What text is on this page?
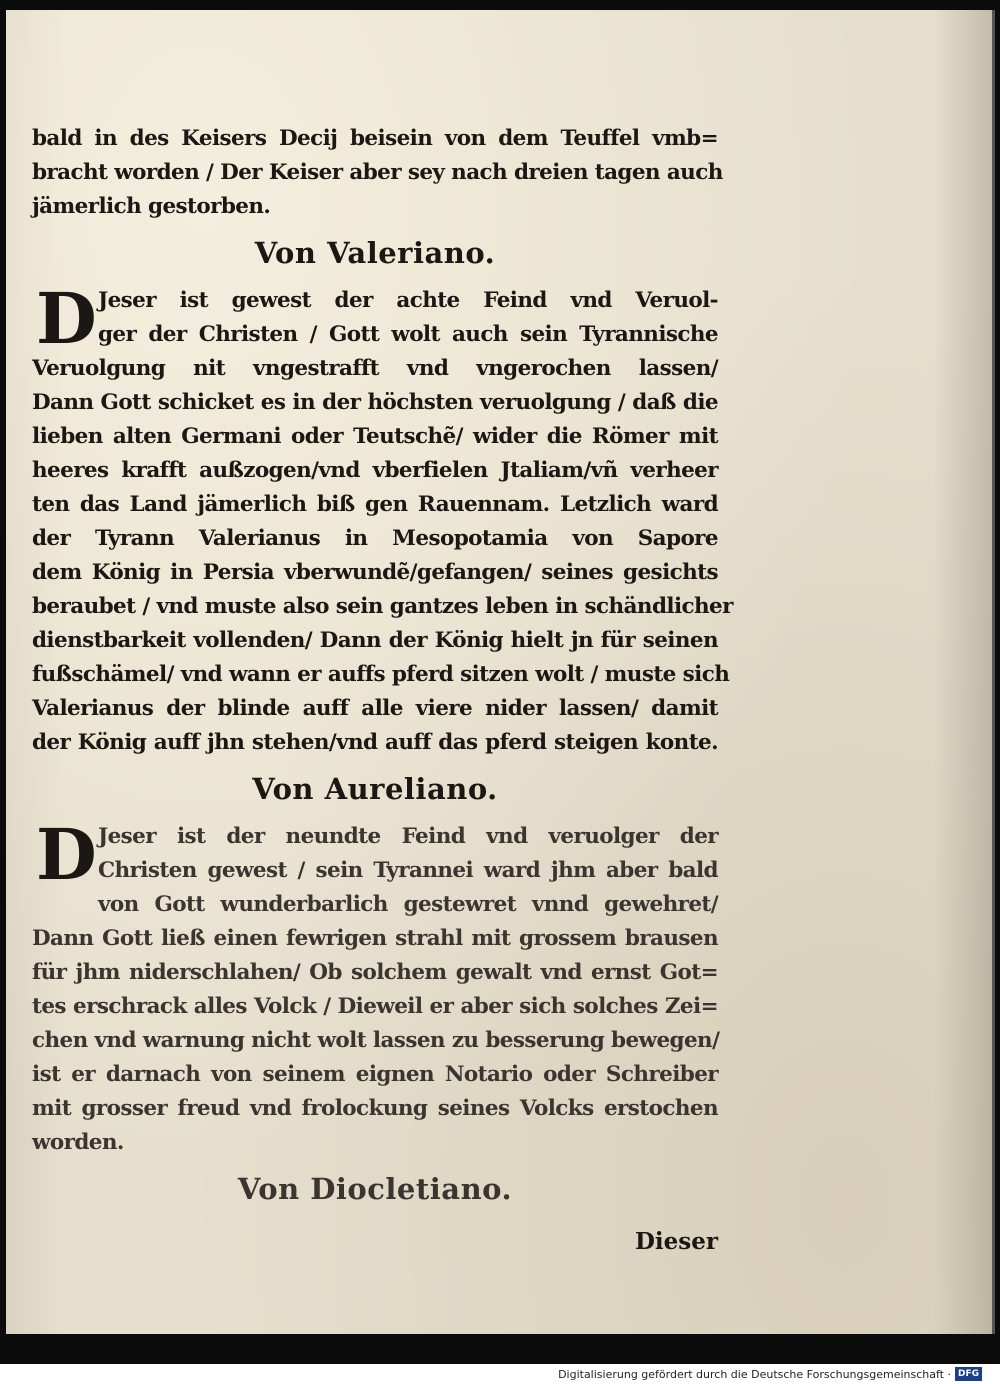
bald in des Keisers Decij beisein von dem Teuffel vmb=
bracht worden / Der Keiser aber sey nach dreien tagen auch
jämerlich gestorben.
Von Valeriano.
D Jeser ist gewest der achte Feind vnd Veruol-
ger der Christen / Gott wolt auch sein Tyrannische
Veruolgung nit vngestrafft vnd vngerochen lassen/
Dann Gott schicket es in der höchsten veruolgung / daß die
lieben alten Germani oder Teutschẽ/ wider die Römer mit
heeres krafft außzogen/vnd vberfielen Jtaliam/vñ verheer
ten das Land jämerlich biß gen Rauennam. Letzlich ward
der Tyrann Valerianus in Mesopotamia von Sapore
dem König in Persia vberwundẽ/gefangen/ seines gesichts
beraubet / vnd muste also sein gantzes leben in schändlicher
dienstbarkeit vollenden/ Dann der König hielt jn für seinen
fußschämel/ vnd wann er auffs pferd sitzen wolt / muste sich
Valerianus der blinde auff alle viere nider lassen/ damit
der König auff jhn stehen/vnd auff das pferd steigen konte.
Von Aureliano.
D Jeser ist der neundte Feind vnd veruolger der
Christen gewest / sein Tyrannei ward jhm aber bald
von Gott wunderbarlich gestewret vnnd gewehret/
Dann Gott ließ einen fewrigen strahl mit grossem brausen
für jhm niderschlahen/ Ob solchem gewalt vnd ernst Got=
tes erschrack alles Volck / Dieweil er aber sich solches Zei=
chen vnd warnung nicht wolt lassen zu besserung bewegen/
ist er darnach von seinem eignen Notario oder Schreiber
mit grosser freud vnd frolockung seines Volcks erstochen
worden.
Von Diocletiano.
Dieser
Digitalisierung gefördert durch die Deutsche Forschungsgemeinschaft · DFG
